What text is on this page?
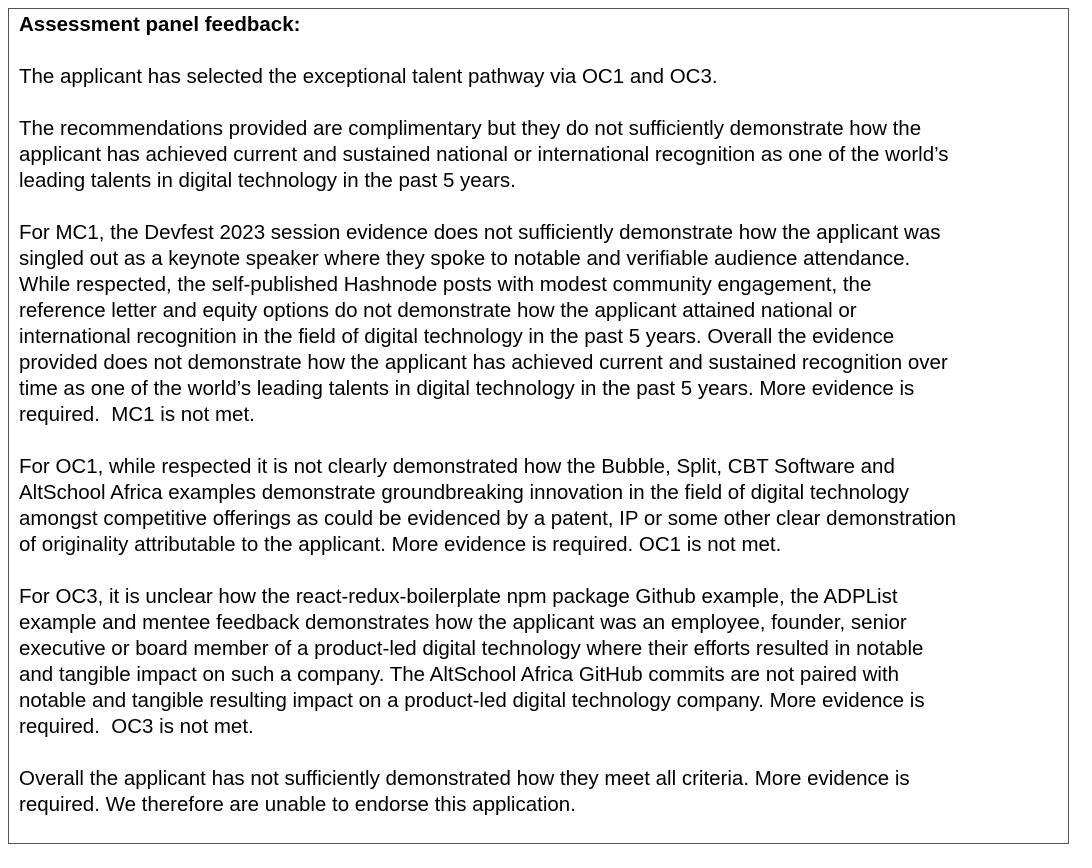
Assessment panel feedback:
The applicant has selected the exceptional talent pathway via OC1 and OC3.
The recommendations provided are complimentary but they do not sufficiently demonstrate how the
applicant has achieved current and sustained national or international recognition as one of the world’s
leading talents in digital technology in the past 5 years.
For MC1, the Devfest 2023 session evidence does not sufficiently demonstrate how the applicant was
singled out as a keynote speaker where they spoke to notable and verifiable audience attendance.
While respected, the self-published Hashnode posts with modest community engagement, the
reference letter and equity options do not demonstrate how the applicant attained national or
international recognition in the field of digital technology in the past 5 years. Overall the evidence
provided does not demonstrate how the applicant has achieved current and sustained recognition over
time as one of the world’s leading talents in digital technology in the past 5 years. More evidence is
required.  MC1 is not met.
For OC1, while respected it is not clearly demonstrated how the Bubble, Split, CBT Software and
AltSchool Africa examples demonstrate groundbreaking innovation in the field of digital technology
amongst competitive offerings as could be evidenced by a patent, IP or some other clear demonstration
of originality attributable to the applicant. More evidence is required. OC1 is not met.
For OC3, it is unclear how the react-redux-boilerplate npm package Github example, the ADPList
example and mentee feedback demonstrates how the applicant was an employee, founder, senior
executive or board member of a product-led digital technology where their efforts resulted in notable
and tangible impact on such a company. The AltSchool Africa GitHub commits are not paired with
notable and tangible resulting impact on a product-led digital technology company. More evidence is
required.  OC3 is not met.
Overall the applicant has not sufficiently demonstrated how they meet all criteria. More evidence is
required. We therefore are unable to endorse this application.
